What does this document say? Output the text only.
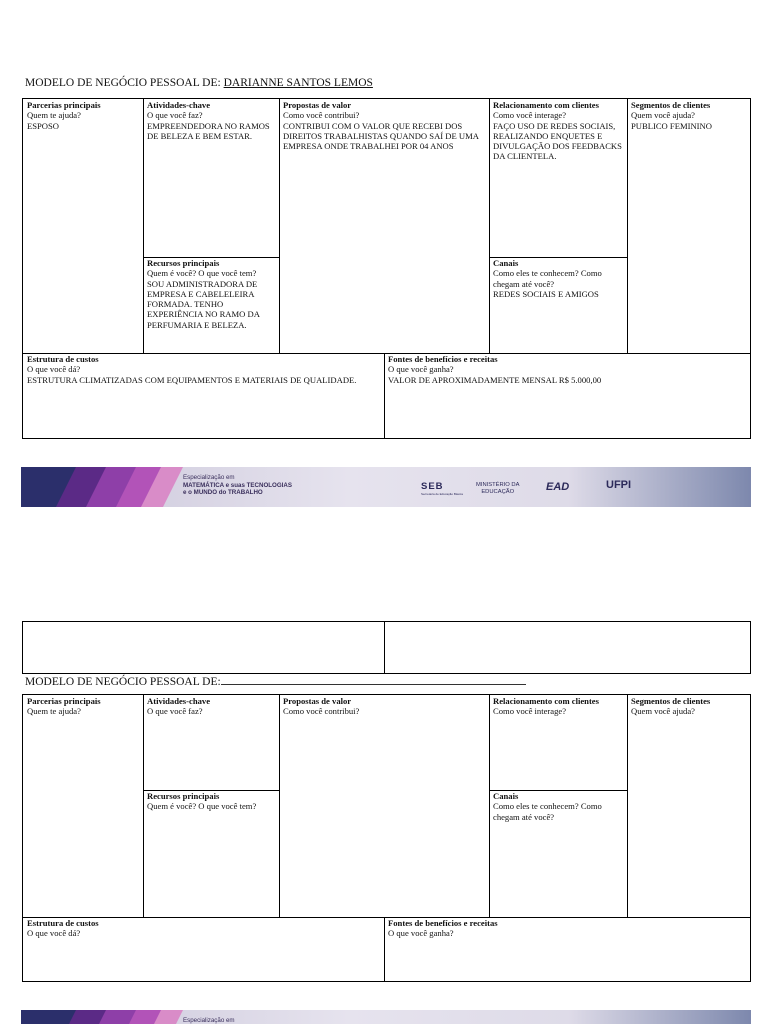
MODELO DE NEGÓCIO PESSOAL DE: DARIANNE SANTOS LEMOS
Parcerias principais
Quem te ajuda?
ESPOSO
Atividades-chave
O que você faz?
EMPREENDEDORA NO RAMOS DE BELEZA E BEM ESTAR.
Recursos principais
Quem é você? O que você tem?
SOU ADMINISTRADORA DE EMPRESA E CABELELEIRA FORMADA. TENHO EXPERIÊNCIA NO RAMO DA PERFUMARIA E BELEZA.
Propostas de valor
Como você contribui?
CONTRIBUI COM O VALOR QUE RECEBI DOS DIREITOS TRABALHISTAS QUANDO SAÍ DE UMA EMPRESA ONDE TRABALHEI POR 04 ANOS
Relacionamento com clientes
Como você interage?
FAÇO USO DE REDES SOCIAIS, REALIZANDO ENQUETES E DIVULGAÇÃO DOS FEEDBACKS DA CLIENTELA.
Canais
Como eles te conhecem? Como chegam até você?
REDES SOCIAIS E AMIGOS
Segmentos de clientes
Quem você ajuda?
PUBLICO FEMININO
Estrutura de custos
O que você dá?
ESTRUTURA CLIMATIZADAS COM EQUIPAMENTOS E MATERIAIS DE QUALIDADE.
Fontes de benefícios e receitas
O que você ganha?
VALOR DE APROXIMADAMENTE MENSAL R$ 5.000,00
Especialização em
MATEMÁTICA e suas TECNOLOGIAS
e o MUNDO do TRABALHO
SEB
Secretaria de Educação Básica
MINISTÉRIO DA
EDUCAÇÃO	EAD	UFPI
MODELO DE NEGÓCIO PESSOAL DE:
Parcerias principais
Quem te ajuda?
Atividades-chave
O que você faz?
Recursos principais
Quem é você? O que você tem?
Propostas de valor
Como você contribui?
Relacionamento com clientes
Como você interage?
Canais
Como eles te conhecem? Como chegam até você?
Segmentos de clientes
Quem você ajuda?
Estrutura de custos
O que você dá?
Fontes de benefícios e receitas
O que você ganha?
Especialização em
